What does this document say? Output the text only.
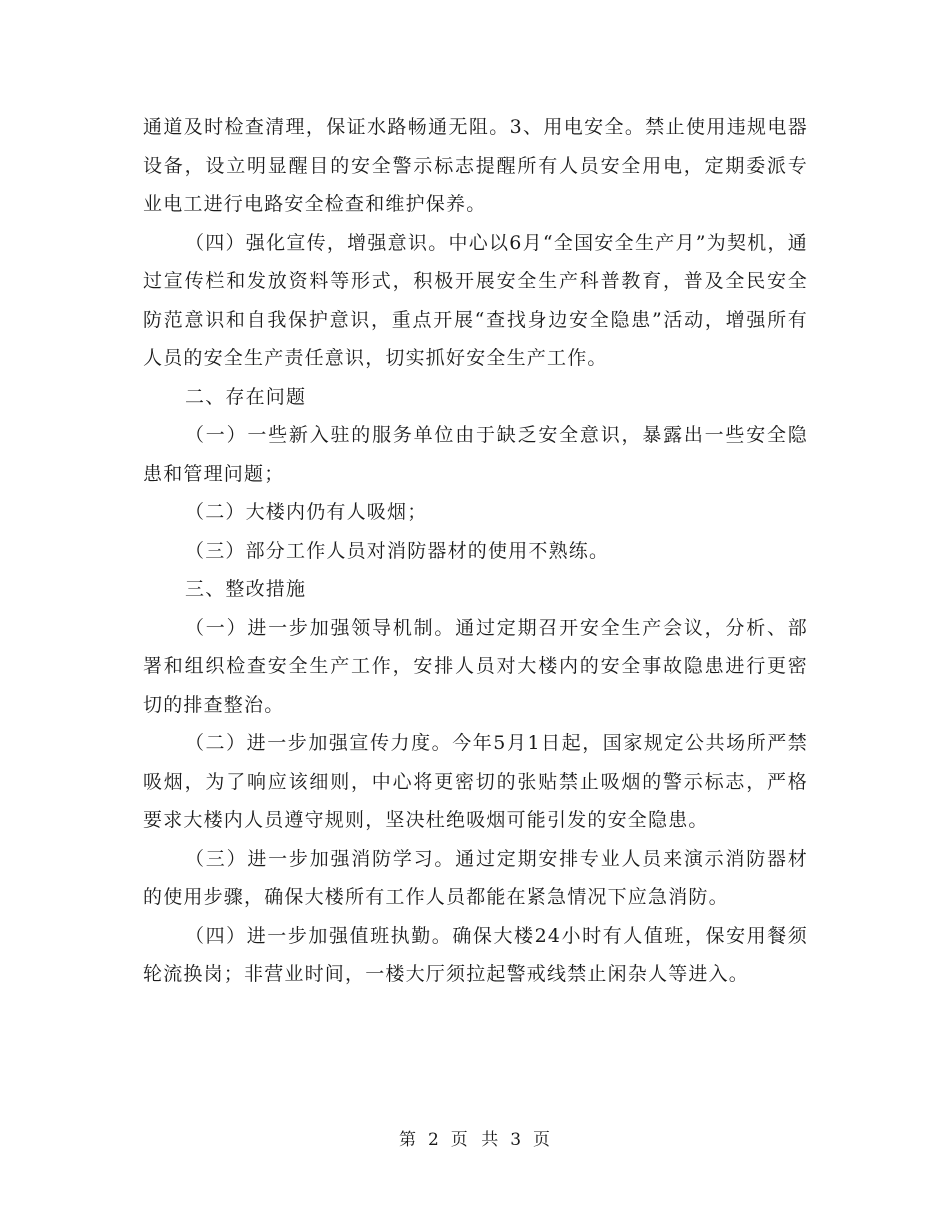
通道及时检查清理，保证水路畅通无阻。3、用电安全。禁止使用违规电器设备，设立明显醒目的安全警示标志提醒所有人员安全用电，定期委派专业电工进行电路安全检查和维护保养。

（四）强化宣传，增强意识。中心以6月“全国安全生产月”为契机，通过宣传栏和发放资料等形式，积极开展安全生产科普教育，普及全民安全防范意识和自我保护意识，重点开展“查找身边安全隐患”活动，增强所有人员的安全生产责任意识，切实抓好安全生产工作。

二、存在问题

（一）一些新入驻的服务单位由于缺乏安全意识，暴露出一些安全隐患和管理问题；

（二）大楼内仍有人吸烟；

（三）部分工作人员对消防器材的使用不熟练。

三、整改措施

（一）进一步加强领导机制。通过定期召开安全生产会议，分析、部署和组织检查安全生产工作，安排人员对大楼内的安全事故隐患进行更密切的排查整治。

（二）进一步加强宣传力度。今年5月1日起，国家规定公共场所严禁吸烟，为了响应该细则，中心将更密切的张贴禁止吸烟的警示标志，严格要求大楼内人员遵守规则，坚决杜绝吸烟可能引发的安全隐患。

（三）进一步加强消防学习。通过定期安排专业人员来演示消防器材的使用步骤，确保大楼所有工作人员都能在紧急情况下应急消防。

（四）进一步加强值班执勤。确保大楼24小时有人值班，保安用餐须轮流换岗；非营业时间，一楼大厅须拉起警戒线禁止闲杂人等进入。

第 2 页 共 3 页
